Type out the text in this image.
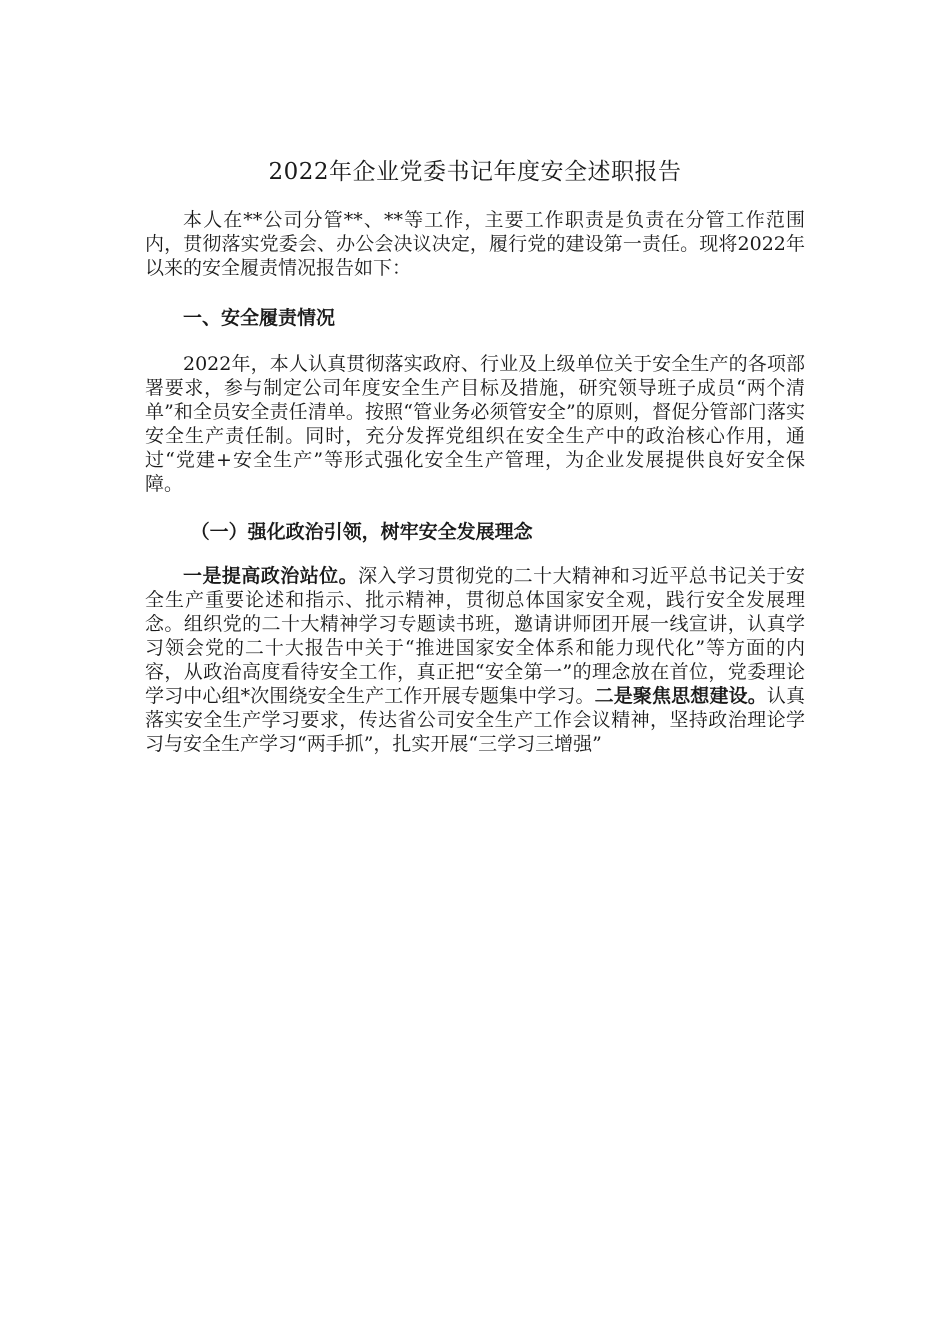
2022年企业党委书记年度安全述职报告

本人在**公司分管**、**等工作，主要工作职责是负责在分管工作范围内，贯彻落实党委会、办公会决议决定，履行党的建设第一责任。现将2022年以来的安全履责情况报告如下：

一、安全履责情况

2022年，本人认真贯彻落实政府、行业及上级单位关于安全生产的各项部署要求，参与制定公司年度安全生产目标及措施，研究领导班子成员“两个清单”和全员安全责任清单。按照“管业务必须管安全”的原则，督促分管部门落实安全生产责任制。同时，充分发挥党组织在安全生产中的政治核心作用，通过“党建+安全生产”等形式强化安全生产管理，为企业发展提供良好安全保障。

（一）强化政治引领，树牢安全发展理念

一是提高政治站位。深入学习贯彻党的二十大精神和习近平总书记关于安全生产重要论述和指示、批示精神，贯彻总体国家安全观，践行安全发展理念。组织党的二十大精神学习专题读书班，邀请讲师团开展一线宣讲，认真学习领会党的二十大报告中关于“推进国家安全体系和能力现代化”等方面的内容，从政治高度看待安全工作，真正把“安全第一”的理念放在首位，党委理论学习中心组*次围绕安全生产工作开展专题集中学习。二是聚焦思想建设。认真落实安全生产学习要求，传达省公司安全生产工作会议精神，坚持政治理论学习与安全生产学习“两手抓”，扎实开展“三学习三增强”
